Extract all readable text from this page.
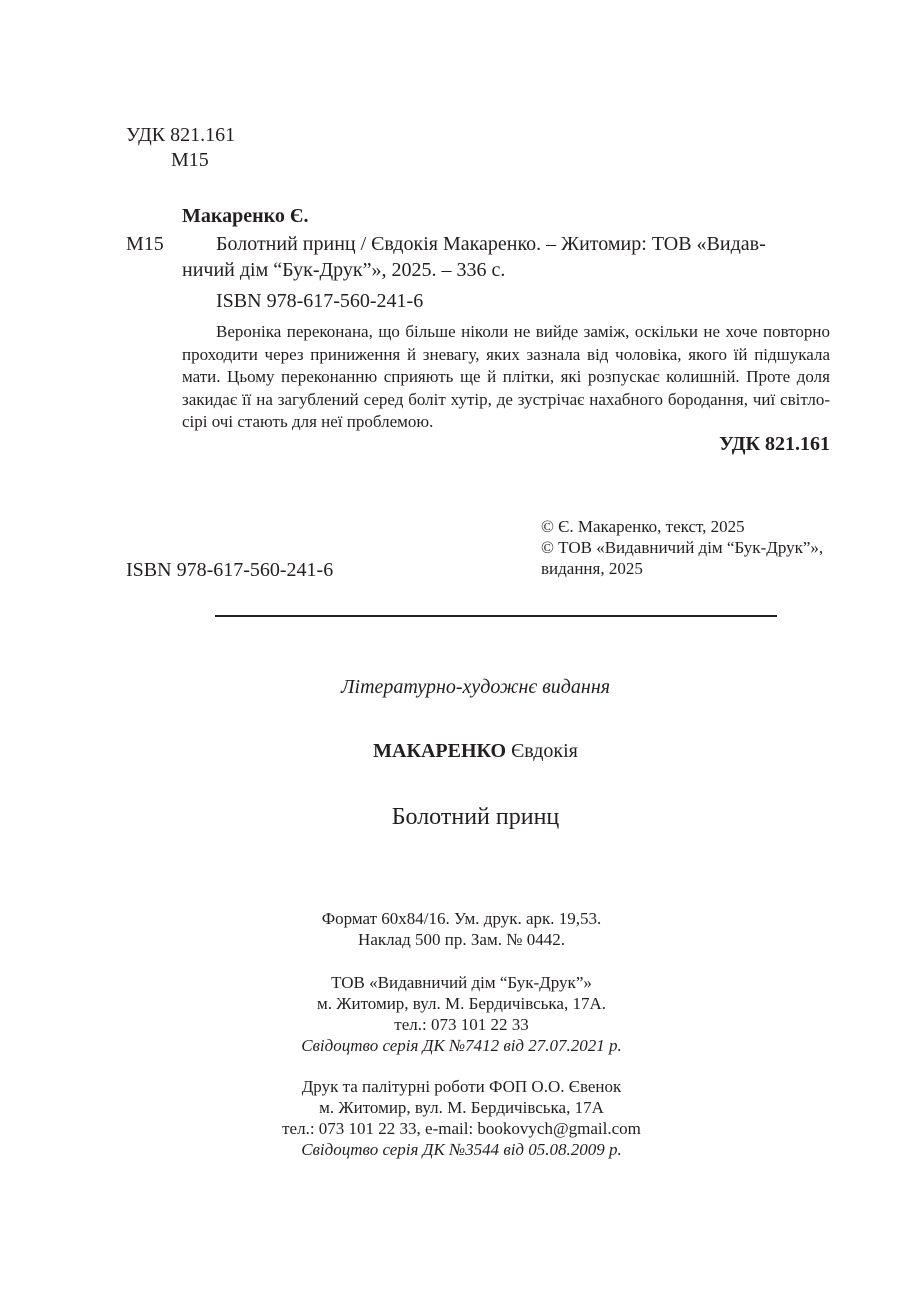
УДК 821.161
М15
Макаренко Є.
М15	Болотний принц / Євдокія Макаренко. – Житомир: ТОВ «Видав-
ничий дім “Бук-Друк”», 2025. – 336 с.
ISBN 978-617-560-241-6
Вероніка переконана, що більше ніколи не вийде заміж, оскільки не хоче повторно проходити через приниження й зневагу, яких зазнала від чоловіка, якого їй підшукала мати. Цьому переконанню сприяють ще й плітки, які розпускає колишній. Проте доля закидає її на загублений серед боліт хутір, де зустрічає нахабного бородання, чиї світло-сірі очі стають для неї проблемою.
УДК 821.161
© Є. Макаренко, текст, 2025
© ТОВ «Видавничий дім “Бук-Друк”»,
видання, 2025
ISBN 978-617-560-241-6
Літературно-художнє видання
МАКАРЕНКО Євдокія
Болотний принц
Формат 60х84/16. Ум. друк. арк. 19,53.
Наклад 500 пр. Зам. № 0442.
ТОВ «Видавничий дім “Бук-Друк”»
м. Житомир, вул. М. Бердичівська, 17А.
тел.: 073 101 22 33
Свідоцтво серія ДК №7412 від 27.07.2021 р.
Друк та палітурні роботи ФОП О.О. Євенок
м. Житомир, вул. М. Бердичівська, 17А
тел.: 073 101 22 33, e-mail: bookovych@gmail.com
Свідоцтво серія ДК №3544 від 05.08.2009 р.
